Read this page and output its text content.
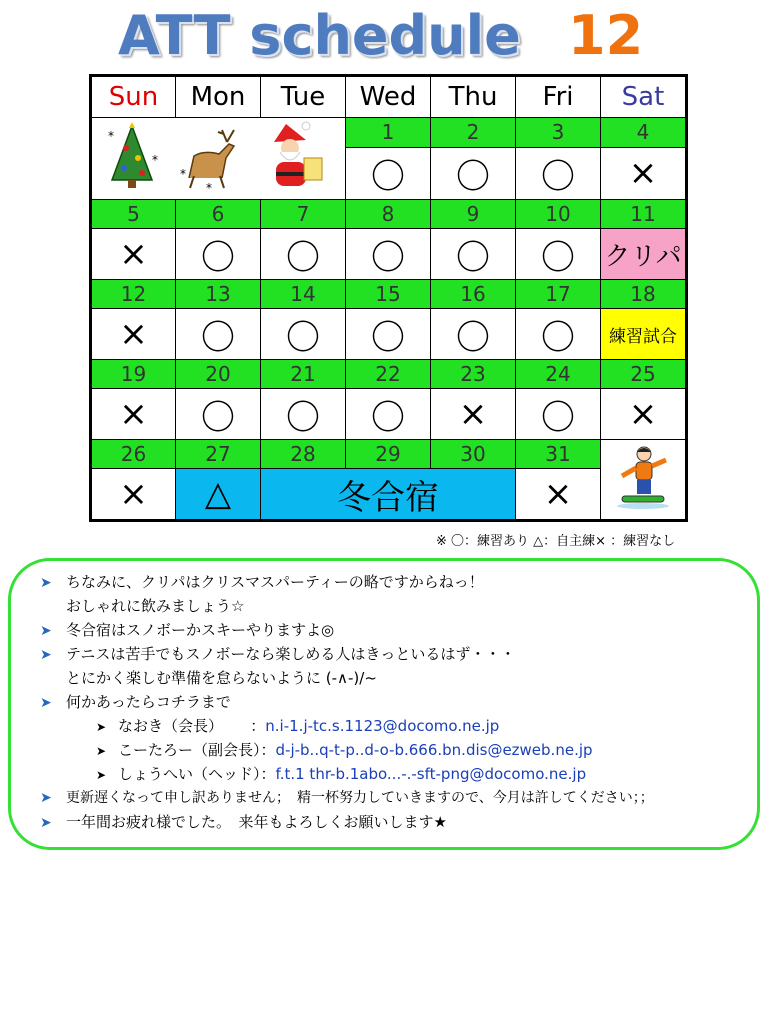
ATT schedule 12
Sun	Mon	Tue	Wed	Thu	Fri	Sat

*
*
*
*			1	2	3	4
			〇	〇	〇	×
5	6	7	8	9	10	11
×	〇	〇	〇	〇	〇	クリパ
12	13	14	15	16	17	18
×	〇	〇	〇	〇	〇	練習試合
19	20	21	22	23	24	25
×	〇	〇	〇	×	〇	×
26	27	28	29	30	31	
×	△	冬合宿			×	
※ 〇：練習あり △：自主練× ：練習なし
➤ ちなみに、クリパはクリスマスパーティーの略ですからねっ！
おしゃれに飲みましょう☆
➤ 冬合宿はスノボーかスキーやりますよ◎
➤ テニスは苦手でもスノボーなら楽しめる人はきっといるはず・・・
とにかく楽しむ準備を怠らないように (-∧-)/~
➤ 何かあったらコチラまで
➤ なおき（会長）　　 ：n.i-1.j-tc.s.1123@docomo.ne.jp
➤ こーたろー（副会長）：d-j-b..q-t-p..d-o-b.666.bn.dis@ezweb.ne.jp
➤ しょうへい（ヘッド）：f.t.1 thr-b.1abo...-.-sft-png@docomo.ne.jp
➤ 更新遅くなって申し訳ありません；　精一杯努力していきますので、今月は許してください；；
➤ 一年間お疲れ様でした。　来年もよろしくお願いします★
